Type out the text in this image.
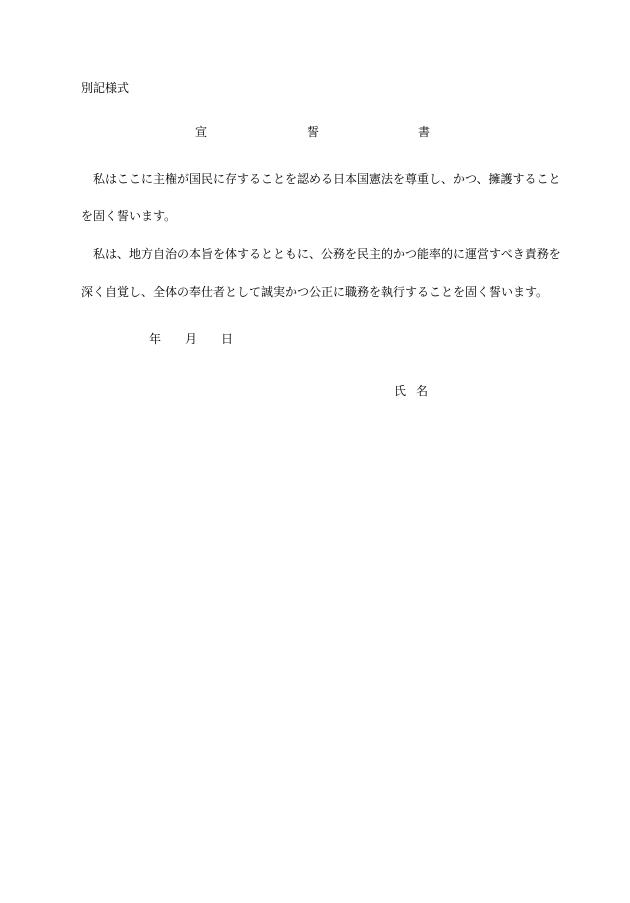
別記様式
宣	誓	書
私はここに主権が国民に存することを認める日本国憲法を尊重し、かつ、擁護すること
を固く誓います。
私は、地方自治の本旨を体するとともに、公務を民主的かつ能率的に運営すべき責務を
深く自覚し、全体の奉仕者として誠実かつ公正に職務を執行することを固く誓います。
年 月 日
氏名
